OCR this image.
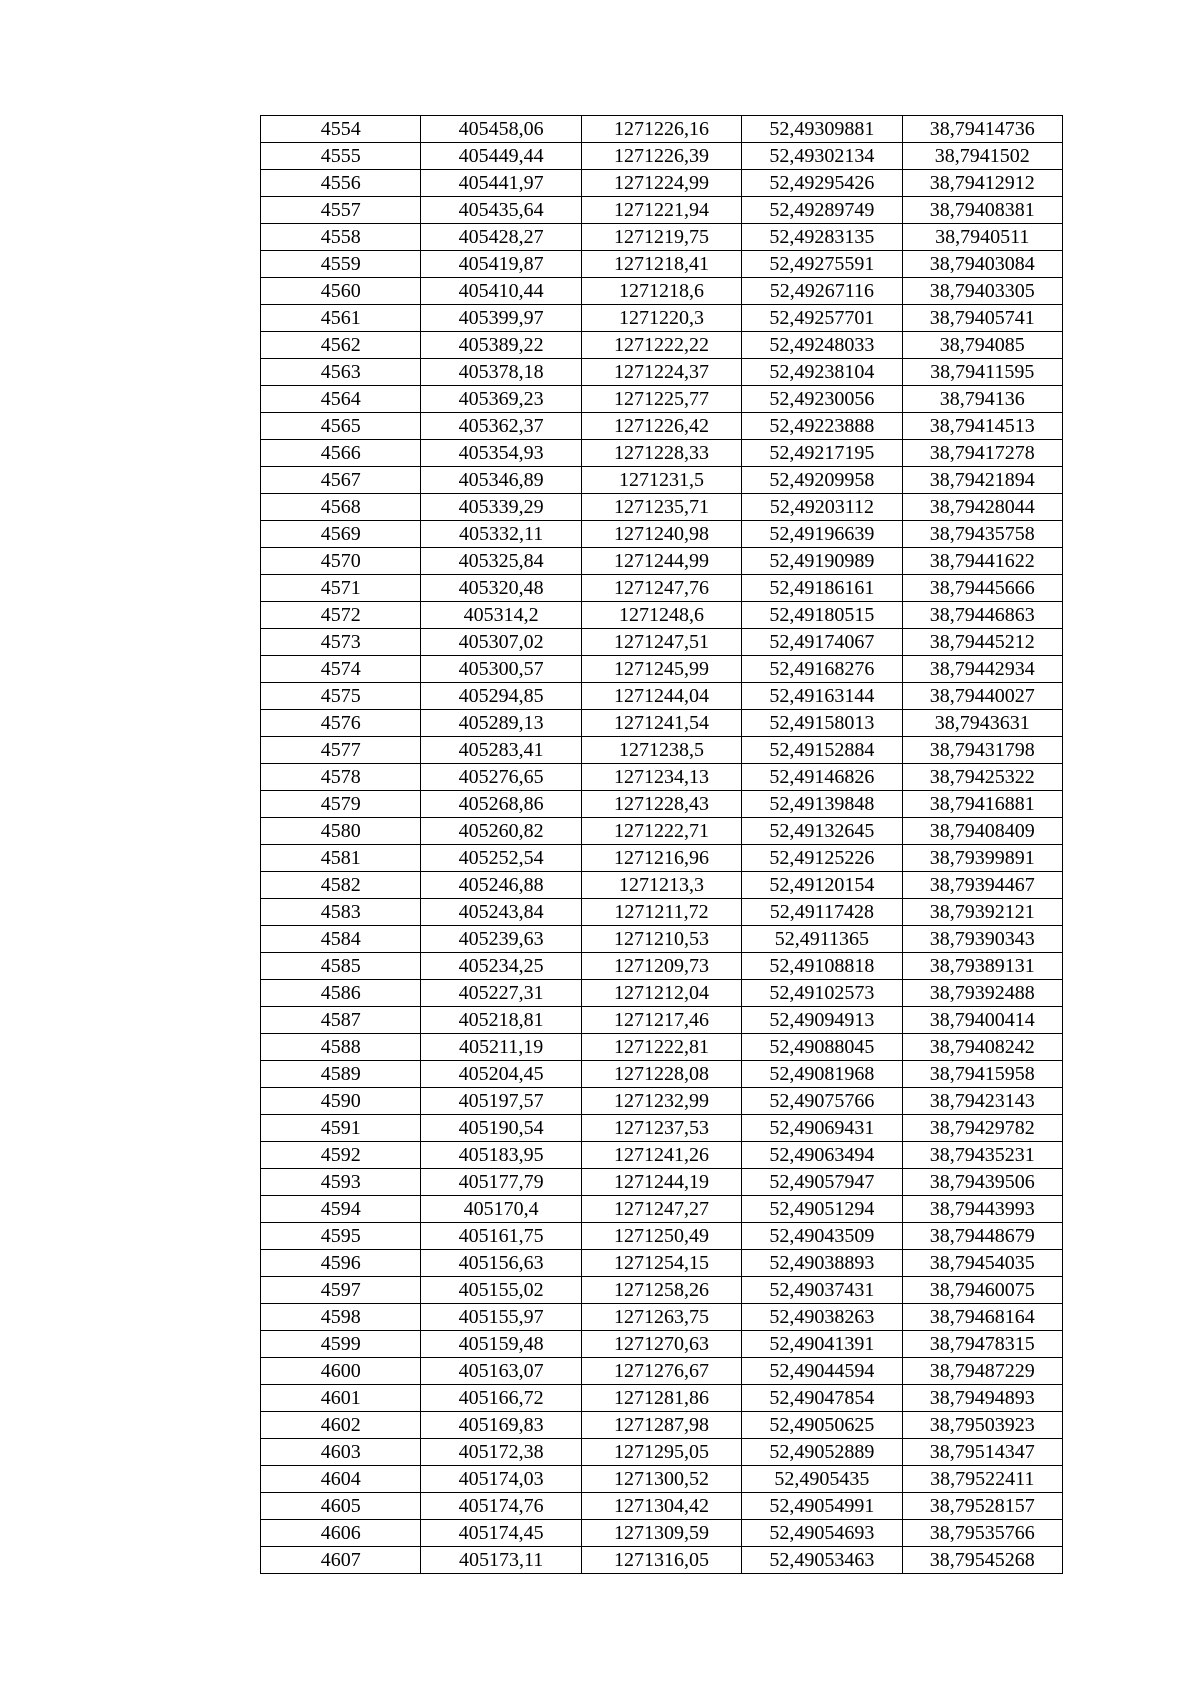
4554	405458,06	1271226,16	52,49309881	38,79414736
4555	405449,44	1271226,39	52,49302134	38,7941502
4556	405441,97	1271224,99	52,49295426	38,79412912
4557	405435,64	1271221,94	52,49289749	38,79408381
4558	405428,27	1271219,75	52,49283135	38,7940511
4559	405419,87	1271218,41	52,49275591	38,79403084
4560	405410,44	1271218,6	52,49267116	38,79403305
4561	405399,97	1271220,3	52,49257701	38,79405741
4562	405389,22	1271222,22	52,49248033	38,794085
4563	405378,18	1271224,37	52,49238104	38,79411595
4564	405369,23	1271225,77	52,49230056	38,794136
4565	405362,37	1271226,42	52,49223888	38,79414513
4566	405354,93	1271228,33	52,49217195	38,79417278
4567	405346,89	1271231,5	52,49209958	38,79421894
4568	405339,29	1271235,71	52,49203112	38,79428044
4569	405332,11	1271240,98	52,49196639	38,79435758
4570	405325,84	1271244,99	52,49190989	38,79441622
4571	405320,48	1271247,76	52,49186161	38,79445666
4572	405314,2	1271248,6	52,49180515	38,79446863
4573	405307,02	1271247,51	52,49174067	38,79445212
4574	405300,57	1271245,99	52,49168276	38,79442934
4575	405294,85	1271244,04	52,49163144	38,79440027
4576	405289,13	1271241,54	52,49158013	38,7943631
4577	405283,41	1271238,5	52,49152884	38,79431798
4578	405276,65	1271234,13	52,49146826	38,79425322
4579	405268,86	1271228,43	52,49139848	38,79416881
4580	405260,82	1271222,71	52,49132645	38,79408409
4581	405252,54	1271216,96	52,49125226	38,79399891
4582	405246,88	1271213,3	52,49120154	38,79394467
4583	405243,84	1271211,72	52,49117428	38,79392121
4584	405239,63	1271210,53	52,4911365	38,79390343
4585	405234,25	1271209,73	52,49108818	38,79389131
4586	405227,31	1271212,04	52,49102573	38,79392488
4587	405218,81	1271217,46	52,49094913	38,79400414
4588	405211,19	1271222,81	52,49088045	38,79408242
4589	405204,45	1271228,08	52,49081968	38,79415958
4590	405197,57	1271232,99	52,49075766	38,79423143
4591	405190,54	1271237,53	52,49069431	38,79429782
4592	405183,95	1271241,26	52,49063494	38,79435231
4593	405177,79	1271244,19	52,49057947	38,79439506
4594	405170,4	1271247,27	52,49051294	38,79443993
4595	405161,75	1271250,49	52,49043509	38,79448679
4596	405156,63	1271254,15	52,49038893	38,79454035
4597	405155,02	1271258,26	52,49037431	38,79460075
4598	405155,97	1271263,75	52,49038263	38,79468164
4599	405159,48	1271270,63	52,49041391	38,79478315
4600	405163,07	1271276,67	52,49044594	38,79487229
4601	405166,72	1271281,86	52,49047854	38,79494893
4602	405169,83	1271287,98	52,49050625	38,79503923
4603	405172,38	1271295,05	52,49052889	38,79514347
4604	405174,03	1271300,52	52,4905435	38,79522411
4605	405174,76	1271304,42	52,49054991	38,79528157
4606	405174,45	1271309,59	52,49054693	38,79535766
4607	405173,11	1271316,05	52,49053463	38,79545268
